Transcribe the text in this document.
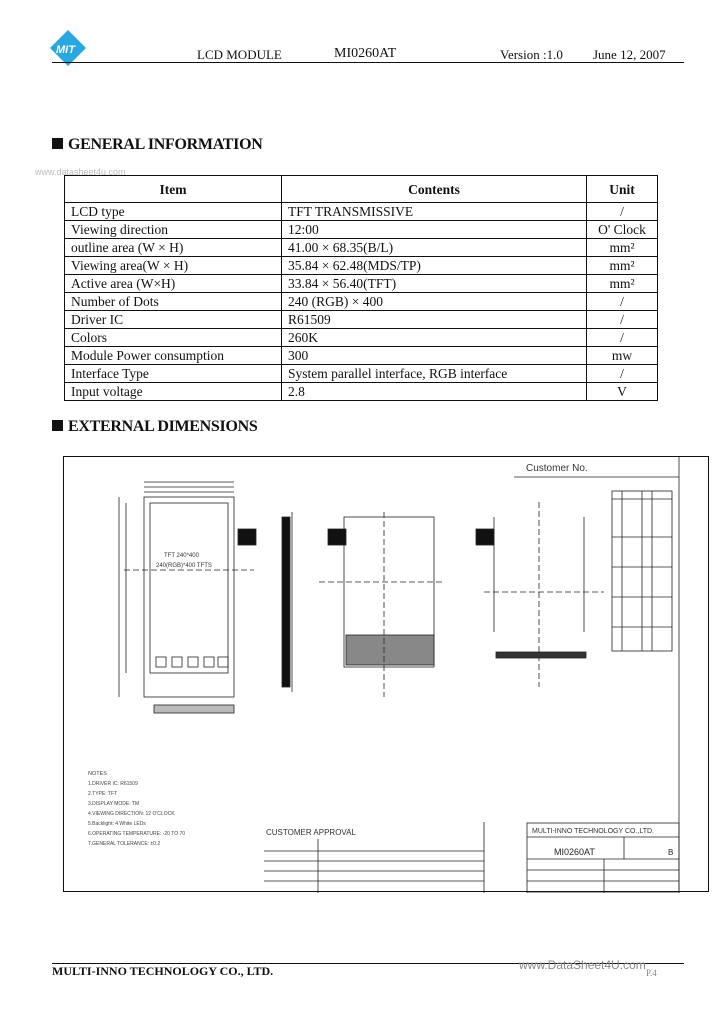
MIT	LCD MODULE	MI0260AT	Version :1.0 June 12, 2007
GENERAL INFORMATION
www.datasheet4u.com
Item	Contents	Unit
LCD type	TFT TRANSMISSIVE	/
Viewing direction	12:00	O' Clock
outline area (W × H)	41.00 × 68.35(B/L)	mm²
Viewing area(W × H)	35.84 × 62.48(MDS/TP)	mm²
Active area (W×H)	33.84 × 56.40(TFT)	mm²
Number of Dots	240 (RGB) × 400	/
Driver IC	R61509	/
Colors	260K	/
Module Power consumption	300	mw
Interface Type	System parallel interface, RGB interface	/
Input voltage	2.8	V
EXTERNAL DIMENSIONS
TFT 240*400
240(RGB)*400 TFTS
Customer No.
NOTES
1.DRIVER IC: R61509
2.TYPE: TFT
3.DISPLAY MODE: TM
4.VIEWING DIRECTION: 12 O'CLOCK
5.Backlight: 4 White LEDs
6.OPERATING TEMPERATURE: -20 TO 70
7.GENERAL TOLERANCE: ±0.2
CUSTOMER APPROVAL	MULTI-INNO TECHNOLOGY CO.,LTD.
MI0260AT	B
MULTI-INNO TECHNOLOGY CO., LTD.	www.DataSheet4U.com
P.4
